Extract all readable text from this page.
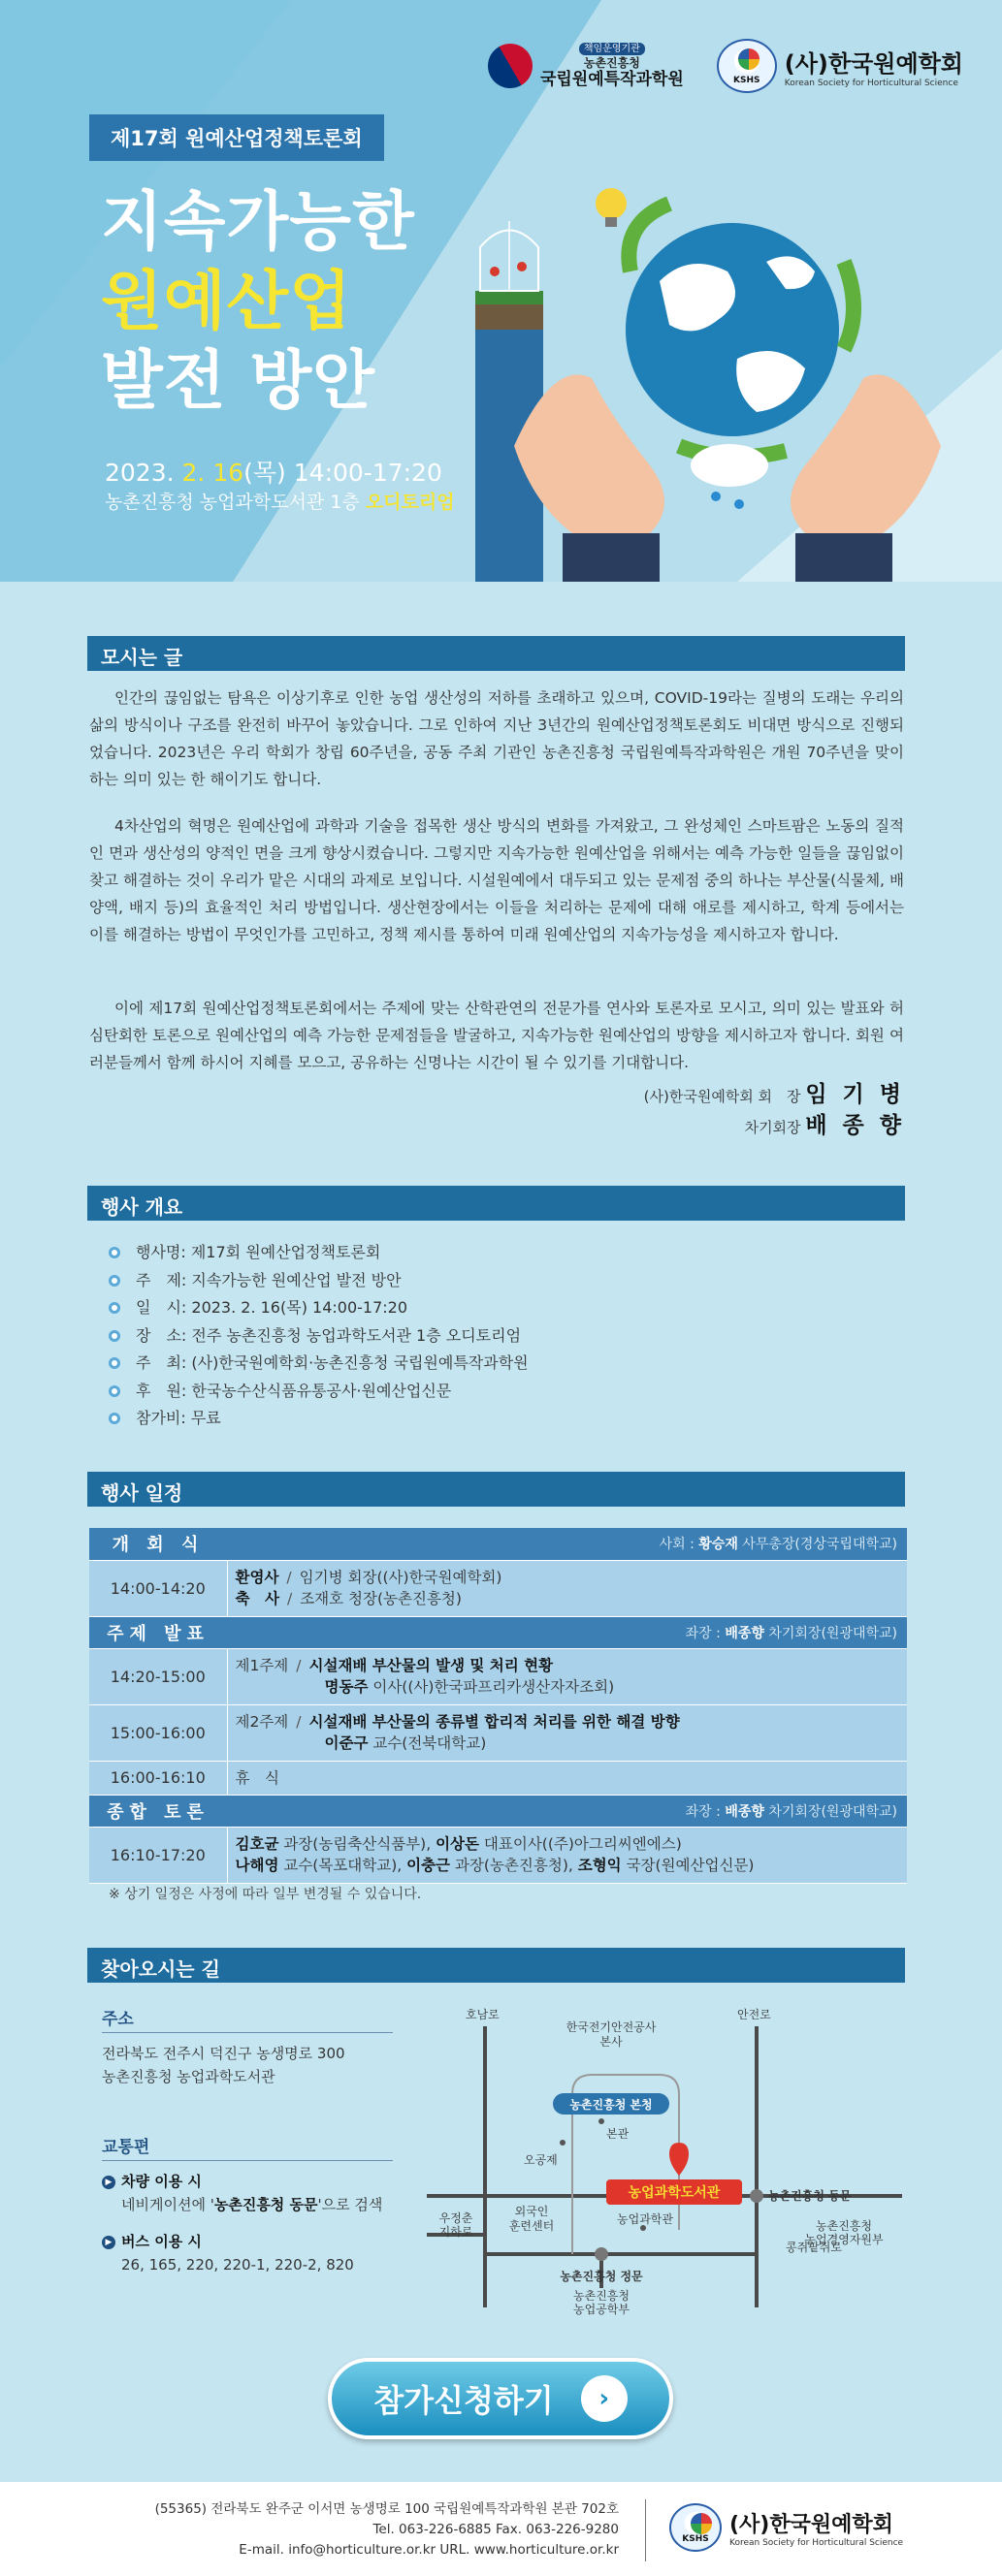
책임운영기관
농촌진흥청
국립원예특작과학원	KSHS
(사)한국원예학회
Korean Society for Horticultural Science
제17회 원예산업정책토론회
지속가능한
원예산업
발전 방안
2023. 2. 16(목) 14:00-17:20
농촌진흥청 농업과학도서관 1층 오디토리엄
모시는 글
인간의 끊임없는 탐욕은 이상기후로 인한 농업 생산성의 저하를 초래하고 있으며, COVID-19라는 질병의 도래는 우리의 삶의 방식이나 구조를 완전히 바꾸어 놓았습니다. 그로 인하여 지난 3년간의 원예산업정책토론회도 비대면 방식으로 진행되었습니다. 2023년은 우리 학회가 창립 60주년을, 공동 주최 기관인 농촌진흥청 국립원예특작과학원은 개원 70주년을 맞이하는 의미 있는 한 해이기도 합니다.
4차산업의 혁명은 원예산업에 과학과 기술을 접목한 생산 방식의 변화를 가져왔고, 그 완성체인 스마트팜은 노동의 질적인 면과 생산성의 양적인 면을 크게 향상시켰습니다. 그렇지만 지속가능한 원예산업을 위해서는 예측 가능한 일들을 끊임없이 찾고 해결하는 것이 우리가 맡은 시대의 과제로 보입니다. 시설원예에서 대두되고 있는 문제점 중의 하나는 부산물(식물체, 배양액, 배지 등)의 효율적인 처리 방법입니다. 생산현장에서는 이들을 처리하는 문제에 대해 애로를 제시하고, 학계 등에서는 이를 해결하는 방법이 무엇인가를 고민하고, 정책 제시를 통하여 미래 원예산업의 지속가능성을 제시하고자 합니다.
이에 제17회 원예산업정책토론회에서는 주제에 맞는 산학관연의 전문가를 연사와 토론자로 모시고, 의미 있는 발표와 허심탄회한 토론으로 원예산업의 예측 가능한 문제점들을 발굴하고, 지속가능한 원예산업의 방향을 제시하고자 합니다. 회원 여러분들께서 함께 하시어 지혜를 모으고, 공유하는 신명나는 시간이 될 수 있기를 기대합니다.
(사)한국원예학회 회　장 임 기 병
차기회장 배 종 향
행사 개요
행사명: 제17회 원예산업정책토론회
주　제: 지속가능한 원예산업 발전 방안
일　시: 2023. 2. 16(목) 14:00-17:20
장　소: 전주 농촌진흥청 농업과학도서관 1층 오디토리엄
주　최: (사)한국원예학회·농촌진흥청 국립원예특작과학원
후　원: 한국농수산식품유통공사·원예산업신문
참가비: 무료
행사 일정
개 회 식	사회 : 황승재 사무총장(경상국립대학교)
14:00-14:20	환영사 / 임기병 회장((사)한국원예학회)
축　사 / 조재호 청장(농촌진흥청)

주제 발표	좌장 : 배종향 차기회장(원광대학교)
14:20-15:00	제1주제 / 시설재배 부산물의 발생 및 처리 현황
명동주 이사((사)한국파프리카생산자자조회)

15:00-16:00	제2주제 / 시설재배 부산물의 종류별 합리적 처리를 위한 해결 방향
이준구 교수(전북대학교)

16:00-16:10	휴　식
종합 토론	좌장 : 배종향 차기회장(원광대학교)
16:10-17:20	김호균 과장(농림축산식품부), 이상돈 대표이사((주)아그리씨엔에스)
나해영 교수(목포대학교), 이충근 과장(농촌진흥청), 조형익 국장(원예산업신문)
※ 상기 일정은 사정에 따라 일부 변경될 수 있습니다.
찾아오시는 길
주소
전라북도 전주시 덕진구 농생명로 300
농촌진흥청 농업과학도서관
교통편
▶ 차량 이용 시
네비게이션에 '농촌진흥청 동문'으로 검색
▶ 버스 이용 시
26, 165, 220, 220-1, 220-2, 820
호남로	안전로
한국전기안전공사
본사
본관
오공제
농촌진흥청 동문
농촌진흥청
농업경영자원부
우정춘
지하로
외국인
훈련센터	농업과학관
콩쥐팥쥐로
농촌진흥청 정문
농촌진흥청
농업공학부
농촌진흥청 본청
농업과학도서관
참가신청하기	›
(55365) 전라북도 완주군 이서면 농생명로 100 국립원예특작과학원 본관 702호
Tel. 063-226-6885 Fax. 063-226-9280
E-mail. info@horticulture.or.kr URL. www.horticulture.or.kr
KSHS
(사)한국원예학회
Korean Society for Horticultural Science
